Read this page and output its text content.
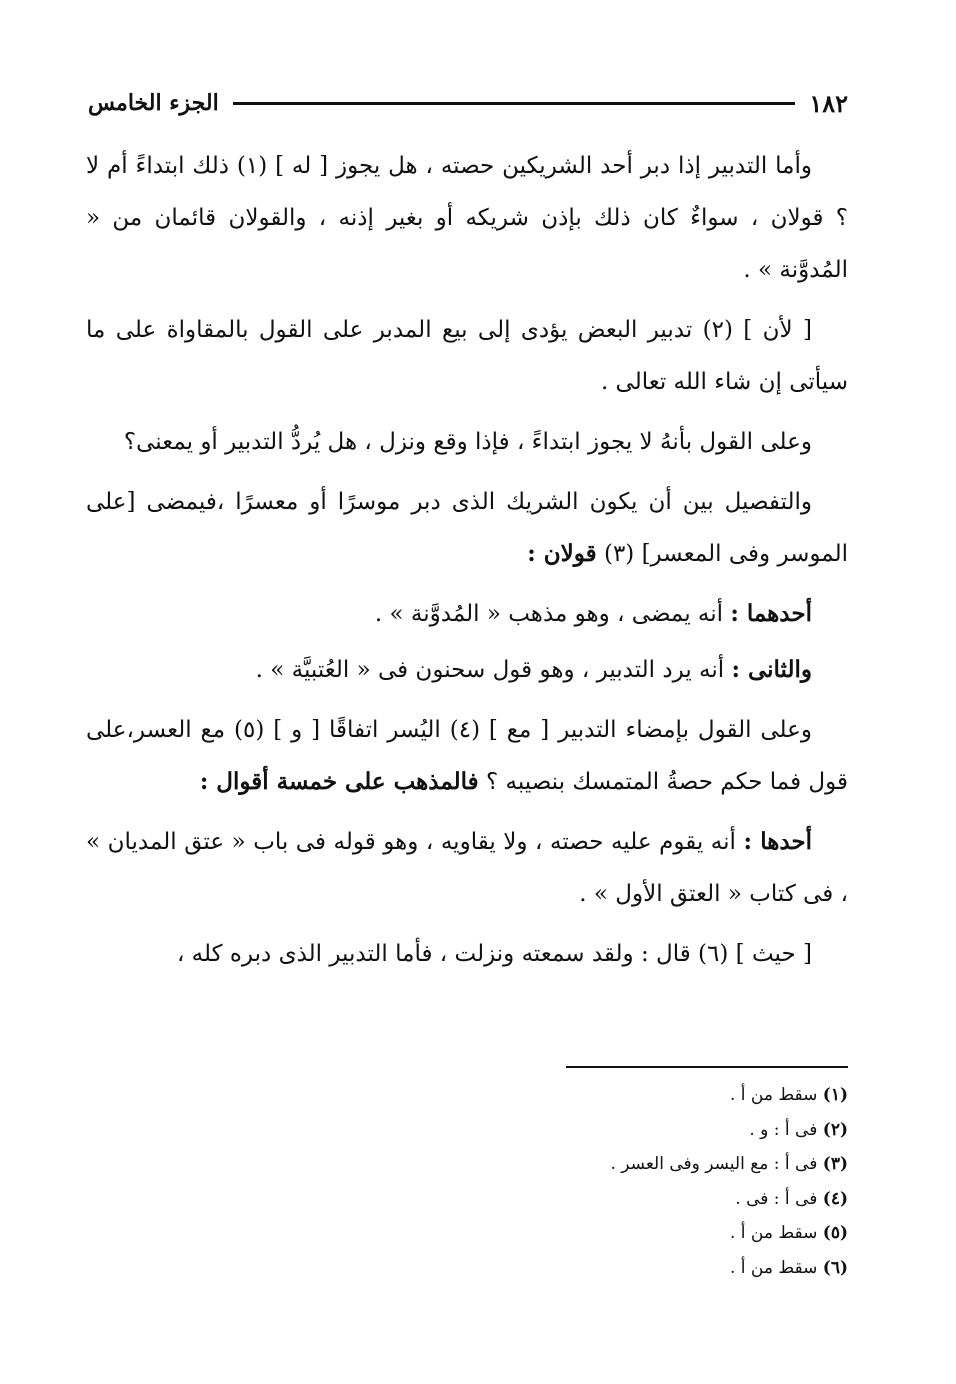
١٨٢
الجزء الخامس

وأما التدبير إذا دبر أحد الشريكين حصته ، هل يجوز [ له ] (١) ذلك ابتداءً أم لا ؟ قولان ، سواءٌ كان ذلك بإذن شريكه أو بغير إذنه ، والقولان قائمان من « المُدوَّنة » .

[ لأن ] (٢) تدبير البعض يؤدى إلى بيع المدبر على القول بالمقاواة على ما سيأتى إن شاء الله تعالى .

وعلى القول بأنهُ لا يجوز ابتداءً ، فإذا وقع ونزل ، هل يُردُّ التدبير أو يمعنى؟

والتفصيل بين أن يكون الشريك الذى دبر موسرًا أو معسرًا ،فيمضى [على الموسر وفى المعسر] (٣) قولان :

أحدهما : أنه يمضى ، وهو مذهب « المُدوَّنة » .

والثانى : أنه يرد التدبير ، وهو قول سحنون فى « العُتبيَّة » .

وعلى القول بإمضاء التدبير [ مع ] (٤) اليُسر اتفاقًا [ و ] (٥) مع العسر،على قول فما حكم حصةُ المتمسك بنصيبه ؟ فالمذهب على خمسة أقوال :

أحدها : أنه يقوم عليه حصته ، ولا يقاويه ، وهو قوله فى باب « عتق المديان » ، فى كتاب « العتق الأول » .

[ حيث ] (٦) قال : ولقد سمعته ونزلت ، فأما التدبير الذى دبره كله ،

(١) سقط من أ .
(٢) فى أ : و .
(٣) فى أ : مع اليسر وفى العسر .
(٤) فى أ : فى .
(٥) سقط من أ .
(٦) سقط من أ .
